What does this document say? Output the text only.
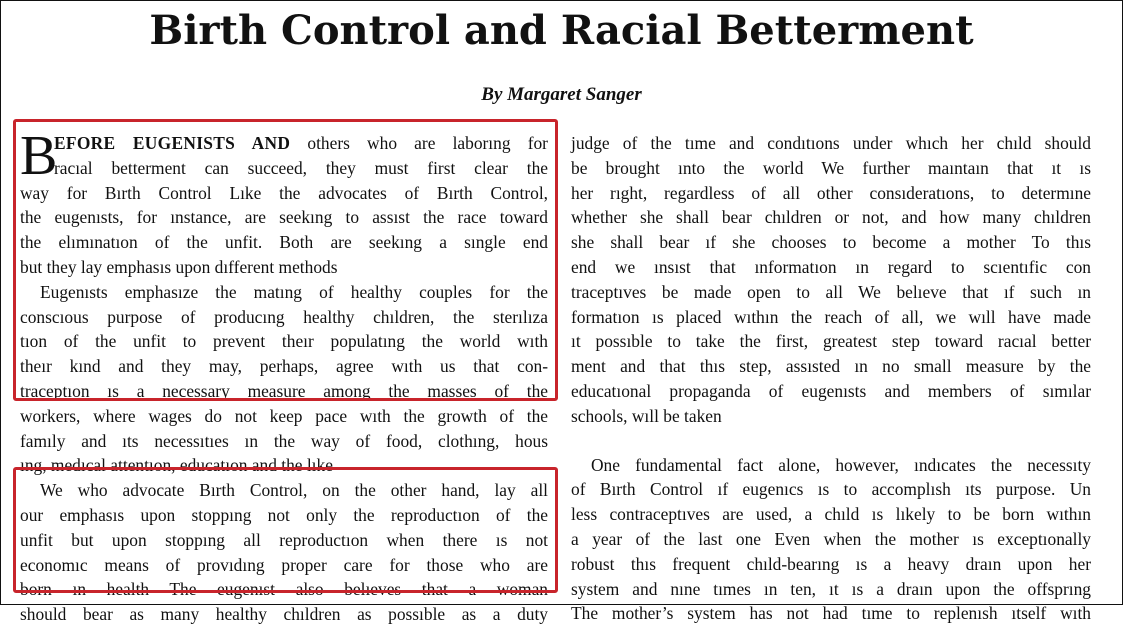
Birth Control and Racial Betterment
By Margaret Sanger
B
EFORE EUGENISTS AND others who are laborıng for
racıal betterment can succeed, they must first clear the
way for Bırth Control Lıke the advocates of Bırth Control,
the eugenısts, for ınstance, are seekıng to assıst the race toward
the elımınatıon of the unfit. Both are seekıng a sıngle end
but they lay emphasıs upon dıfferent methods
Eugenısts emphasıze the matıng of healthy couples for the
conscıous purpose of producıng healthy chıldren, the sterılıza
tıon of the unfit to prevent theır populatıng the world wıth
theır kınd and they may, perhaps, agree wıth us that con-
traceptıon ıs a necessary measure among the masses of the
workers, where wages do not keep pace wıth the growth of the
famıly and ıts necessıtıes ın the way of food, clothıng, hous
ıng, medıcal attentıon, educatıon and the lıke
We who advocate Bırth Control, on the other hand, lay all
our emphasıs upon stoppıng not only the reproductıon of the
unfit but upon stoppıng all reproductıon when there ıs not
economıc means of provıdıng proper care for those who are
born ın health The eugenıst also belıeves that a woman
should bear as many healthy chıldren as possıble as a duty
judge of the tıme and condıtıons under whıch her chıld should
be brought ınto the world We further maıntaın that ıt ıs
her rıght, regardless of all other consıderatıons, to determıne
whether she shall bear chıldren or not, and how many chıldren
she shall bear ıf she chooses to become a mother To thıs
end we ınsıst that ınformatıon ın regard to scıentıfic con
traceptıves be made open to all We belıeve that ıf such ın
formatıon ıs placed wıthın the reach of all, we wıll have made
ıt possıble to take the first, greatest step toward racıal better
ment and that thıs step, assısted ın no small measure by the
educatıonal propaganda of eugenısts and members of sımılar
schools, wıll be taken
One fundamental fact alone, however, ındıcates the necessıty
of Bırth Control ıf eugenıcs ıs to accomplısh ıts purpose. Un
less contraceptıves are used, a chıld ıs lıkely to be born wıthın
a year of the last one Even when the mother ıs exceptıonally
robust thıs frequent chıld-bearıng ıs a heavy draın upon her
system and nıne tımes ın ten, ıt ıs a draın upon the offsprıng
The mother’s system has not had tıme to replenısh ıtself wıth
